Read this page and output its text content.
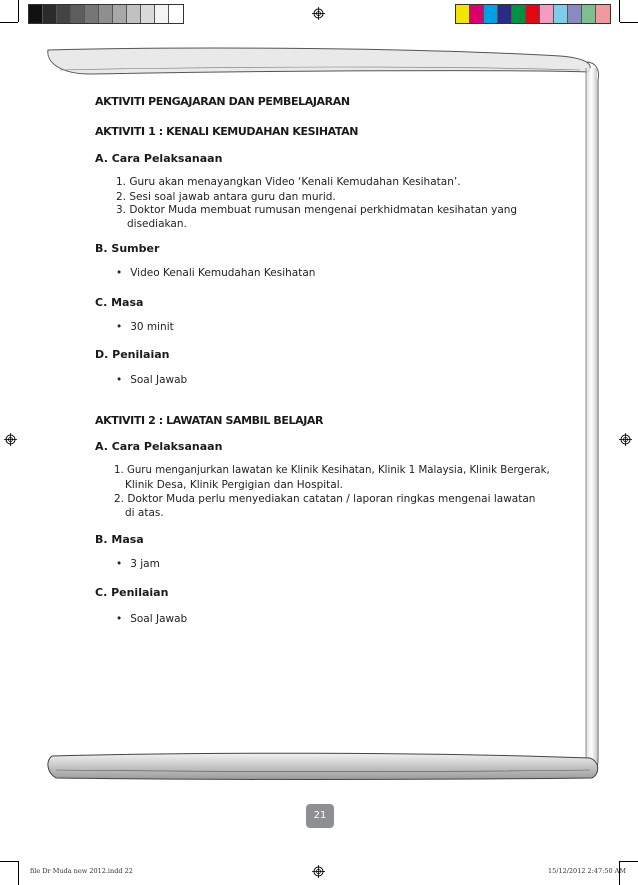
AKTIVITI PENGAJARAN DAN PEMBELAJARAN
AKTIVITI 1 : KENALI KEMUDAHAN KESIHATAN
A. Cara Pelaksanaan
1. Guru akan menayangkan Video ‘Kenali Kemudahan Kesihatan’.
2. Sesi soal jawab antara guru dan murid.
3. Doktor Muda membuat rumusan mengenai perkhidmatan kesihatan yang
disediakan.
B. Sumber
• Video Kenali Kemudahan Kesihatan
C. Masa
• 30 minit
D. Penilaian
• Soal Jawab
AKTIVITI 2 : LAWATAN SAMBIL BELAJAR
A. Cara Pelaksanaan
1. Guru menganjurkan lawatan ke Klinik Kesihatan, Klinik 1 Malaysia, Klinik Bergerak,
Klinik Desa, Klinik Pergigian dan Hospital.
2. Doktor Muda perlu menyediakan catatan / laporan ringkas mengenai lawatan
di atas.
B. Masa
• 3 jam
C. Penilaian
• Soal Jawab
21
file Dr Muda new 2012.indd 22	15/12/2012 2:47:50 AM
